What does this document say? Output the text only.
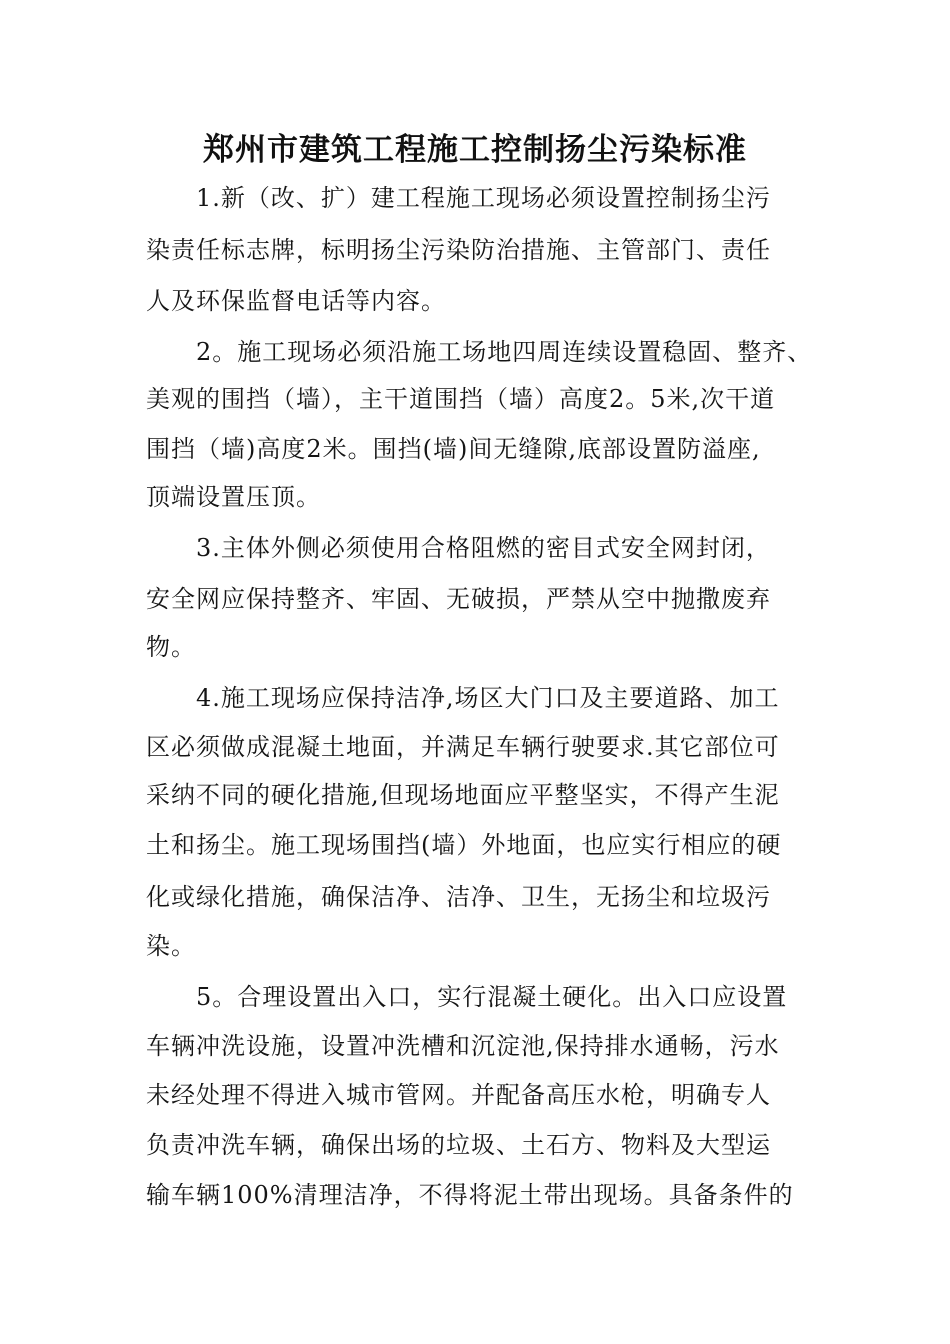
郑州市建筑工程施工控制扬尘污染标准
1.新（改、扩）建工程施工现场必须设置控制扬尘污
染责任标志牌，标明扬尘污染防治措施、主管部门、责任
人及环保监督电话等内容。
2。施工现场必须沿施工场地四周连续设置稳固、整齐、
美观的围挡（墙），主干道围挡（墙）高度2。5米,次干道
围挡（墙)高度2米。围挡(墙)间无缝隙,底部设置防溢座,
顶端设置压顶。
3.主体外侧必须使用合格阻燃的密目式安全网封闭，
安全网应保持整齐、牢固、无破损，严禁从空中抛撒废弃
物。
4.施工现场应保持洁净,场区大门口及主要道路、加工
区必须做成混凝土地面，并满足车辆行驶要求.其它部位可
采纳不同的硬化措施,但现场地面应平整坚实，不得产生泥
土和扬尘。施工现场围挡(墙）外地面，也应实行相应的硬
化或绿化措施，确保洁净、洁净、卫生，无扬尘和垃圾污
染。
5。合理设置出入口，实行混凝土硬化。出入口应设置
车辆冲洗设施，设置冲洗槽和沉淀池,保持排水通畅，污水
未经处理不得进入城市管网。并配备高压水枪，明确专人
负责冲洗车辆，确保出场的垃圾、土石方、物料及大型运
输车辆100%清理洁净，不得将泥土带出现场。具备条件的
